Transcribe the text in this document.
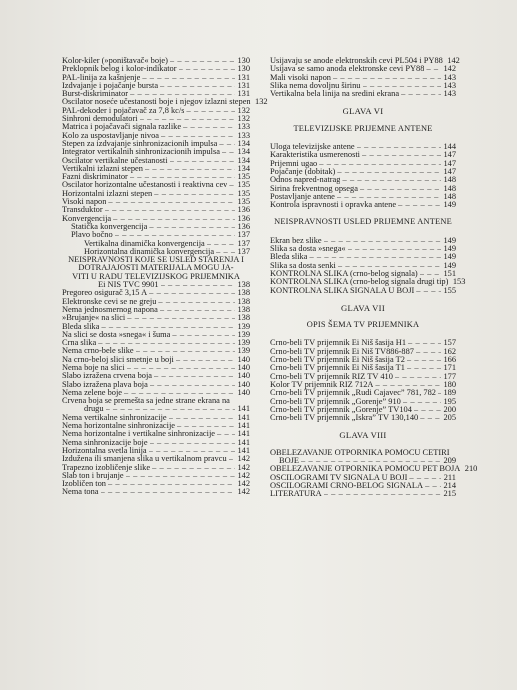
Kolor-kiler (»poništavač« boje) – – –	130
Preklopnik belog i kolor-indikator – – –	130
PAL-linija za kašnjenje – – –	131
Izdvajanje i pojačanje bursta – – –	131
Burst-diskriminator – – –	131
Oscilator noseće učestanosti boje i njegov izlazni stepen 132
PAL-dekoder i pojačavač za 7,8 kc/s – – –	132
Sinhroni demodulatori – – –	132
Matrica i pojačavači signala razlike – – –	133
Kolo za uspostavljanje nivoa – – –	133
Stepen za izdvajanje sinhronizacionih impulsa – – – 134
Integrator vertikalnih sinhronizacionih impulsa – – – 134
Oscilator vertikalne učestanosti – – –	134
Vertikalni izlazni stepen – – –	134
Fazni diskriminator – – –	135
Oscilator horizontalne učestanosti i reaktivna cev – – – 135
Horizontalni izlazni stepen – – –	135
Visoki napon – – –	135
Transduktor – – –	136
Konvergencija – – –	136
Statička konvergencija – – –	136
Plavo bočno – – –	137
Vertikalna dinamička konvergencija – – –	137
Horizontalna dinamička konvergencija – – –	137
NEISPRAVNOSTI KOJE SE USLED STARENJA I
DOTRAJAJOSTI MATERIJALA MOGU JA-
VITI U RADU TELEVIZIJSKOG PRIJEMNIKA
Ei NIŠ TVC 9901 – – –	138
Pregoreo osigurač 3,15 A – – –	138
Elektronske cevi se ne greju – – –	138
Nema jednosmernog napona – – –	138
»Brujanje« na slici – – –	138
Bleda slika – – –	139
Na slici se dosta »snega« i šuma – – –	139
Crna slika – – –	139
Nema crno-bele slike – – –	139
Na crno-beloj slici smetnje u boji – – –	140
Nema boje na slici – – –	140
Slabo izražena crvena boja – – –	140
Slabo izražena plava boja – – –	140
Nema zelene boje – – –	140
Crvena boja se premešta sa jedne strane ekrana na
drugu – – –	141
Nema vertikalne sinhronizacije – – –	141
Nema horizontalne sinhronizacije – – –	141
Nema horizontalne i vertikalne sinhronizacije – – –	141
Nema sinhronizacije boje – – –	141
Horizontalna svetla linija – – –	141
Izdužena ili smanjena slika u vertikalnom pravcu – – – 142
Trapezno izobličenje slike – – –	142
Slab ton i brujanje – – –	142
Izobličen ton – – –	142
Nema tona – – –	142
Usijavaju se anode elektronskih cevi PL504 i PY88 142
Usijava se samo anoda elektronske cevi PY88 – – – 142
Mali visoki napon – – –	143
Slika nema dovoljnu širinu – – –	143
Vertikalna bela linija na sredini ekrana – – –	143
GLAVA VI
TELEVIZIJSKE PRIJEMNE ANTENE
Uloga televizijske antene – – –	144
Karakteristika usmerenosti – – –	147
Prijemni ugao – – –	147
Pojačanje (dobitak) – – –	147
Odnos napred-natrag – – –	148
Širina frekventnog opsega – – –	148
Postavljanje antene – – –	148
Kontrola ispravnosti i opravka antene – – –	149
NEISPRAVNOSTI USLED PRIJEMNE ANTENE
Ekran bez slike – – –	149
Slika sa dosta »snega« – – –	149
Bleda slika – – –	149
Slika sa dosta senki – – –	149
KONTROLNA SLIKA (crno-belog signala) – – –	151
KONTROLNA SLIKA (crno-belog signala drugi tip) 153
KONTROLNA SLIKA SIGNALA U BOJI – – –	155
GLAVA VII
OPIS ŠEMA TV PRIJEMNIKA
Crno-beli TV prijemnik Ei Niš šasija H1 – – –	157
Crno-beli TV prijemnik Ei Niš TV886-887 – – –	162
Crno-beli TV prijemnik Ei Niš šasija T2 – – –	166
Crno-beli TV prijemnik Ei Niš šasija T1 – – –	171
Crno-beli TV prijemnik RIZ TV 410 – – –	177
Kolor TV prijemnik RIZ 712A – – –	180
Crno-beli TV prijemnik „Rudi Čajavec” 781, 782 – – – 189
Crno-beli TV prijemnik „Gorenje” 910 – – –	195
Crno-beli TV prijemnik „Gorenje” TV104 – – –	200
Crno-beli TV prijemnik „Iskra” TV 130,140 – – –	205
GLAVA VIII
OBELEŽAVANJE OTPORNIKA POMOĆU ČETIRI
BOJE – – –	209
OBELEŽAVANJE OTPORNIKA POMOĆU PET BOJA 210
OSCILOGRAMI TV SIGNALA U BOJI – – –	211
OSCILOGRAMI CRNO-BELOG SIGNALA – – – 214
LITERATURA – – –	215
